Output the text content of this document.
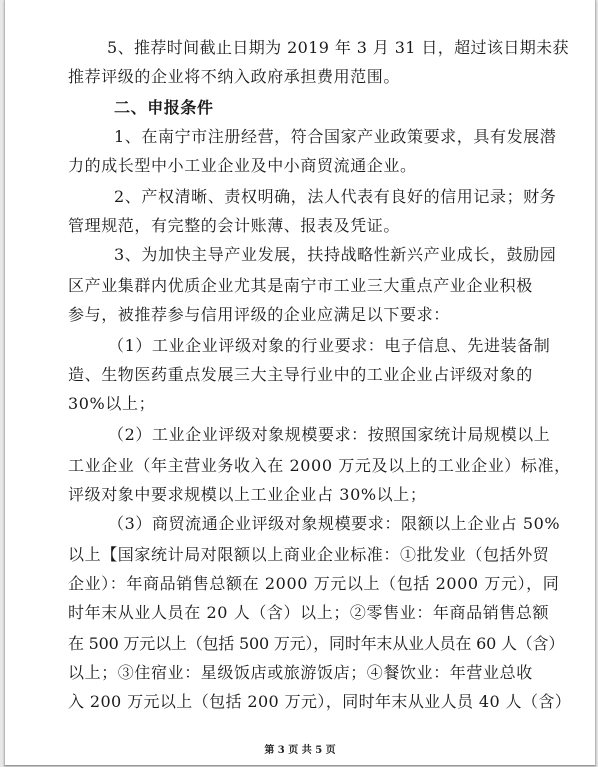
5、推荐时间截止日期为 2019 年 3 月 31 日，超过该日期未获
推荐评级的企业将不纳入政府承担费用范围。
二、申报条件
1、在南宁市注册经营，符合国家产业政策要求，具有发展潜
力的成长型中小工业企业及中小商贸流通企业。
2、产权清晰、责权明确，法人代表有良好的信用记录；财务
管理规范，有完整的会计账薄、报表及凭证。
3、为加快主导产业发展，扶持战略性新兴产业成长，鼓励园
区产业集群内优质企业尤其是南宁市工业三大重点产业企业积极
参与，被推荐参与信用评级的企业应满足以下要求：
（1）工业企业评级对象的行业要求：电子信息、先进装备制
造、生物医药重点发展三大主导行业中的工业企业占评级对象的
30%以上；
（2）工业企业评级对象规模要求：按照国家统计局规模以上
工业企业（年主营业务收入在 2000 万元及以上的工业企业）标准，
评级对象中要求规模以上工业企业占 30%以上；
（3）商贸流通企业评级对象规模要求：限额以上企业占 50%
以上【国家统计局对限额以上商业企业标准：①批发业（包括外贸
企业）：年商品销售总额在 2000 万元以上（包括 2000 万元），同
时年末从业人员在 20 人（含）以上；②零售业：年商品销售总额
在 500 万元以上（包括 500 万元），同时年末从业人员在 60 人（含）
以上；③住宿业：星级饭店或旅游饭店；④餐饮业：年营业总收
入 200 万元以上（包括 200 万元），同时年末从业人员 40 人（含）
第 3 页 共 5 页
